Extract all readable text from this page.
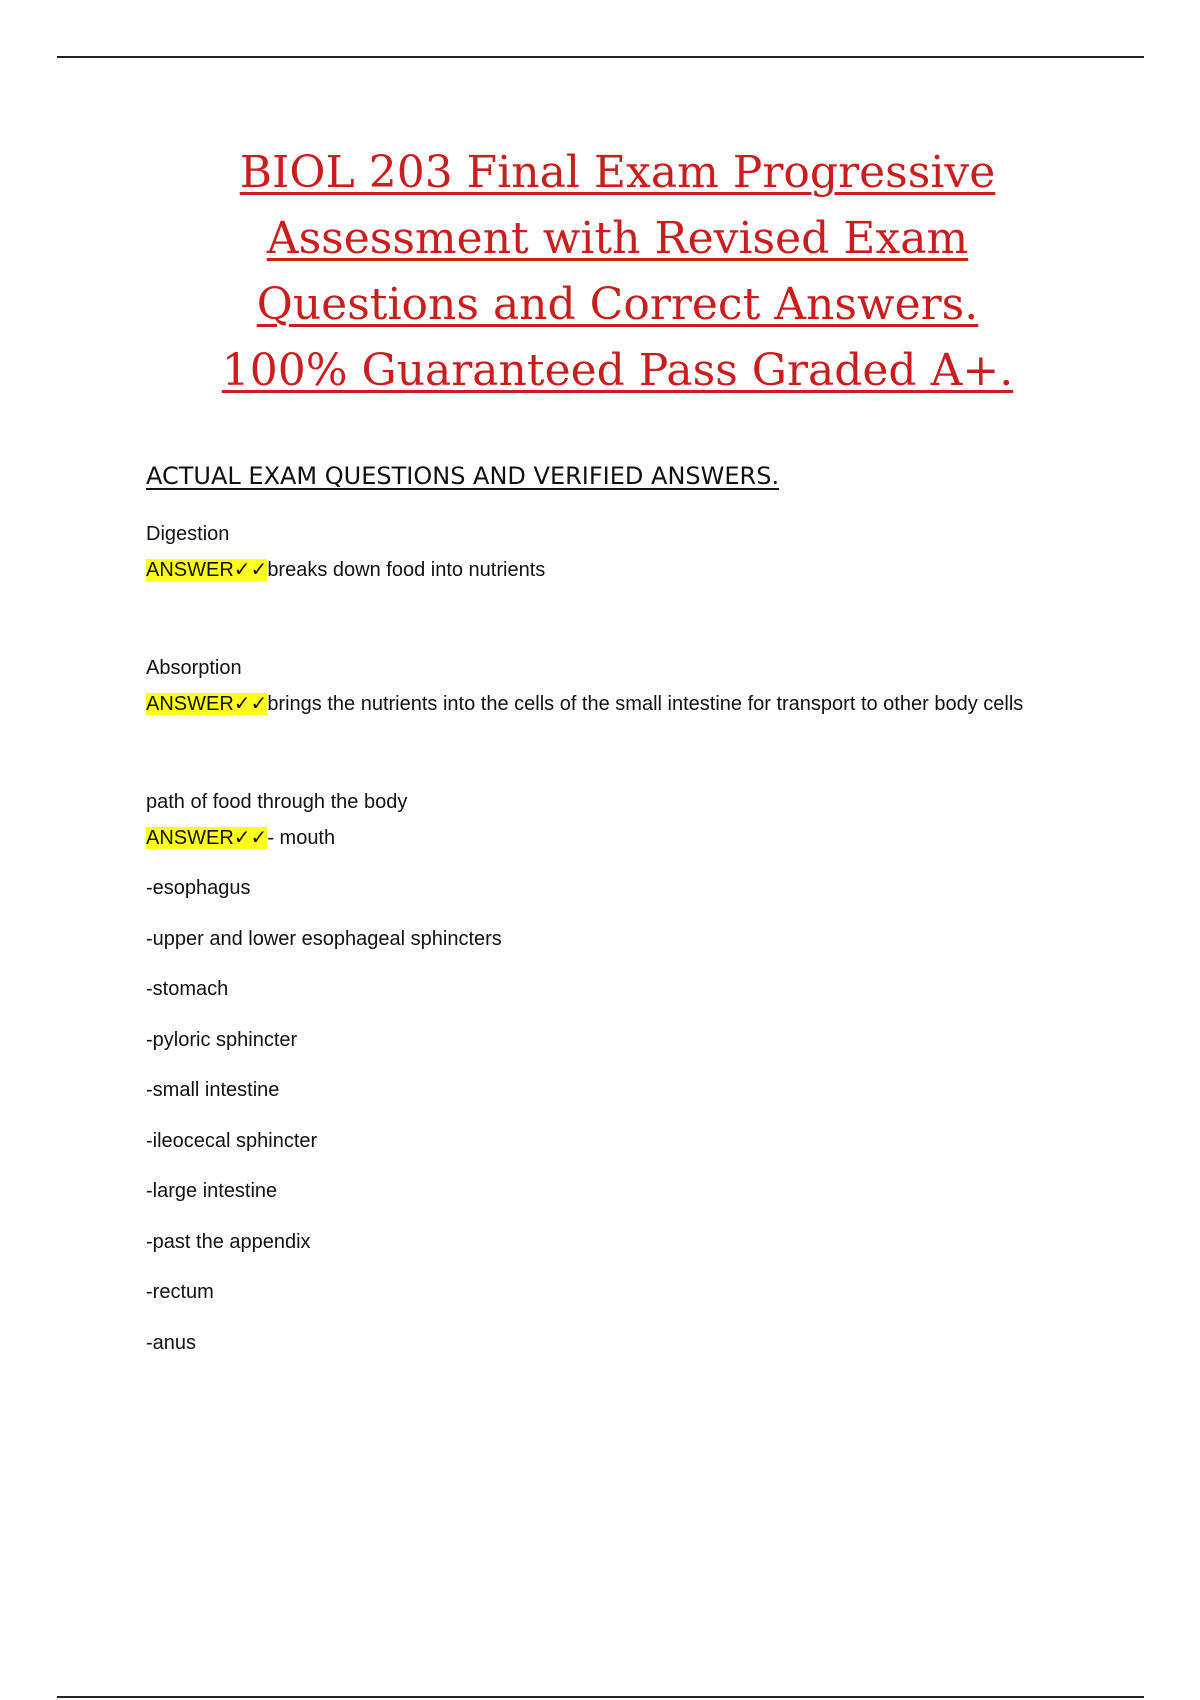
BIOL 203 Final Exam Progressive
Assessment with Revised Exam
Questions and Correct Answers.
100% Guaranteed Pass Graded A+.
ACTUAL EXAM QUESTIONS AND VERIFIED ANSWERS.
Digestion
ANSWER✓✓breaks down food into nutrients
Absorption
ANSWER✓✓brings the nutrients into the cells of the small intestine for transport to other body cells
path of food through the body
ANSWER✓✓- mouth
-esophagus
-upper and lower esophageal sphincters
-stomach
-pyloric sphincter
-small intestine
-ileocecal sphincter
-large intestine
-past the appendix
-rectum
-anus
